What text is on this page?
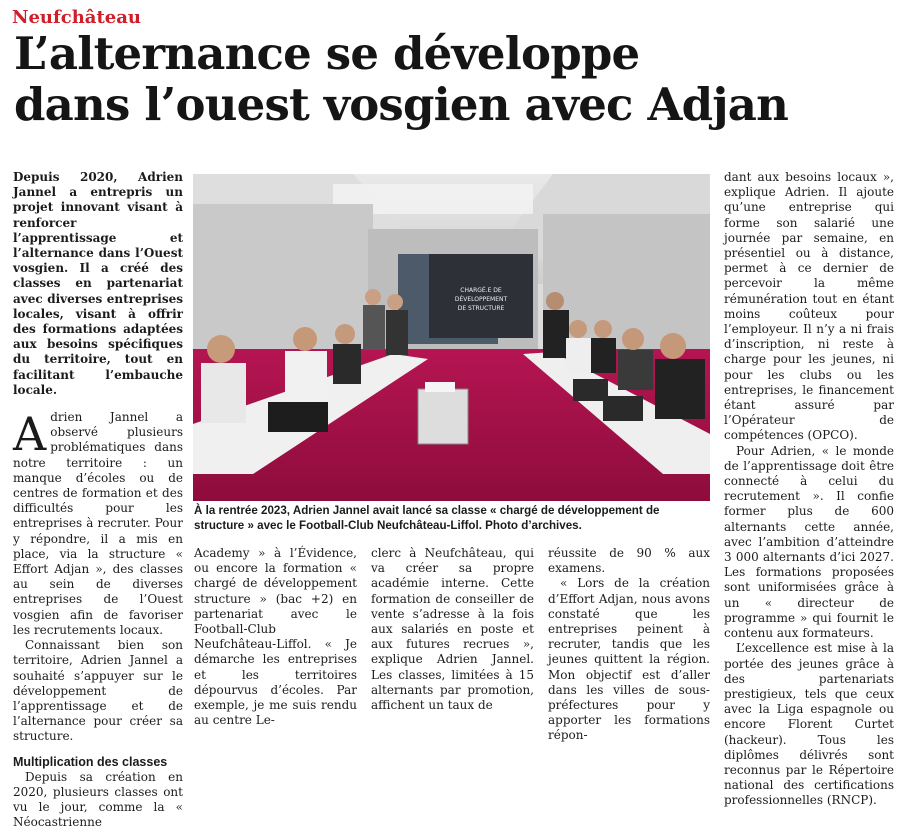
Neufchâteau
L’alternance se développe
dans l’ouest vosgien avec Adjan

Depuis 2020, Adrien Jannel a entrepris un projet innovant visant à renforcer l’apprentissage et l’alternance dans l’Ouest vosgien. Il a créé des classes en partenariat avec diverses entreprises locales, visant à offrir des formations adaptées aux besoins spécifiques du territoire, tout en facilitant l’embauche locale.

Adrien Jannel a observé plusieurs problématiques dans notre territoire : un manque d’écoles ou de centres de formation et des difficultés pour les entreprises à recruter. Pour y répondre, il a mis en place, via la structure « Effort Adjan », des classes au sein de diverses entreprises de l’Ouest vosgien afin de favoriser les recrutements locaux.

Connaissant bien son territoire, Adrien Jannel a souhaité s’appuyer sur le développement de l’apprentissage et de l’alternance pour créer sa structure.

Multiplication des classes

Depuis sa création en 2020, plusieurs classes ont vu le jour, comme la « Néocastrienne

CHARGÉ.E DE
DÉVELOPPEMENT
DE STRUCTURE
À la rentrée 2023, Adrien Jannel avait lancé sa classe « chargé de développement de structure » avec le Football-Club Neufchâteau-Liffol. Photo d’archives.

Academy » à l’Évidence, ou encore la formation « chargé de développement structure » (bac +2) en partenariat avec le Football-Club Neufchâteau-Liffol. « Je démarche les entreprises et les territoires dépourvus d’écoles. Par exemple, je me suis rendu au centre Le-

clerc à Neufchâteau, qui va créer sa propre académie interne. Cette formation de conseiller de vente s’adresse à la fois aux salariés en poste et aux futures recrues », explique Adrien Jannel. Les classes, limitées à 15 alternants par promotion, affichent un taux de

réussite de 90 % aux examens.

« Lors de la création d’Effort Adjan, nous avons constaté que les entreprises peinent à recruter, tandis que les jeunes quittent la région. Mon objectif est d’aller dans les villes de sous-préfectures pour y apporter les formations répon-

dant aux besoins locaux », explique Adrien. Il ajoute qu’une entreprise qui forme son salarié une journée par semaine, en présentiel ou à distance, permet à ce dernier de percevoir la même rémunération tout en étant moins coûteux pour l’employeur. Il n’y a ni frais d’inscription, ni reste à charge pour les jeunes, ni pour les clubs ou les entreprises, le financement étant assuré par l’Opérateur de compétences (OPCO).

Pour Adrien, « le monde de l’apprentissage doit être connecté à celui du recrutement ». Il confie former plus de 600 alternants cette année, avec l’ambition d’atteindre 3 000 alternants d’ici 2027. Les formations proposées sont uniformisées grâce à un « directeur de programme » qui fournit le contenu aux formateurs.

L’excellence est mise à la portée des jeunes grâce à des partenariats prestigieux, tels que ceux avec la Liga espagnole ou encore Florent Curtet (hackeur). Tous les diplômes délivrés sont reconnus par le Répertoire national des certifications professionnelles (RNCP).
